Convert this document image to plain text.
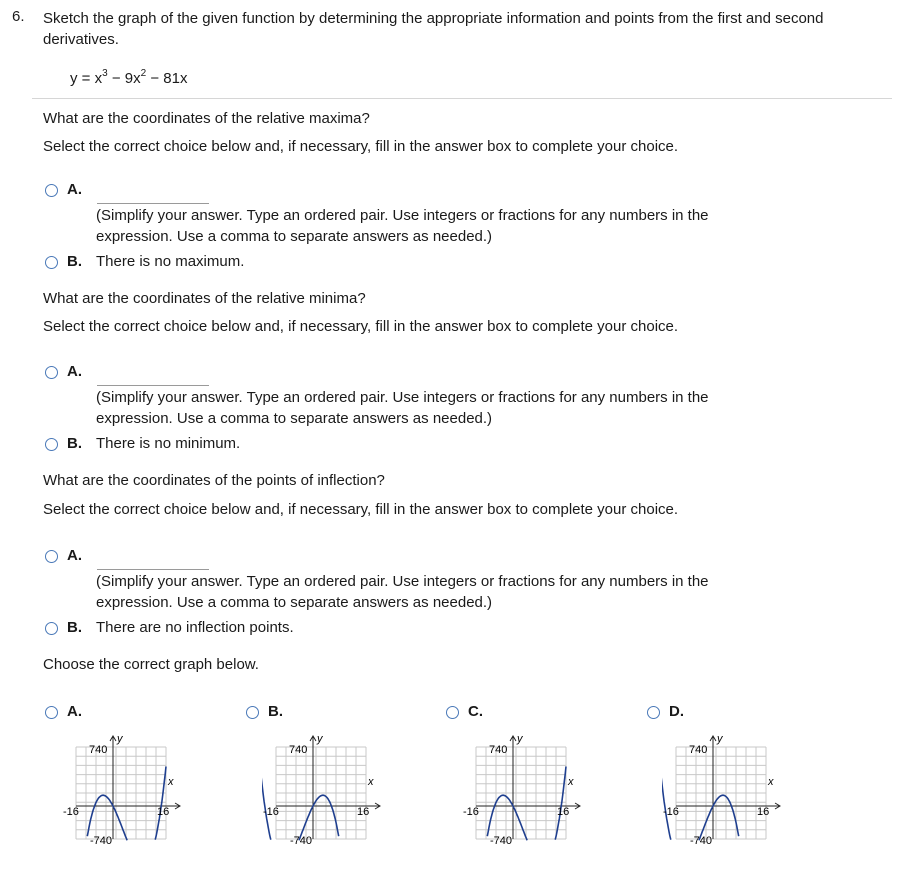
6. Sketch the graph of the given function by determining the appropriate information and points from the first and second derivatives.
$y = x^3 - 9x^2 - 81x$
What are the coordinates of the relative maxima?
Select the correct choice below and, if necessary, fill in the answer box to complete your choice.
A.
(Simplify your answer. Type an ordered pair. Use integers or fractions for any numbers in the expression. Use a comma to separate answers as needed.)
B. There is no maximum.
What are the coordinates of the relative minima?
Select the correct choice below and, if necessary, fill in the answer box to complete your choice.
A.
(Simplify your answer. Type an ordered pair. Use integers or fractions for any numbers in the expression. Use a comma to separate answers as needed.)
B. There is no minimum.
What are the coordinates of the points of inflection?
Select the correct choice below and, if necessary, fill in the answer box to complete your choice.
A.
(Simplify your answer. Type an ordered pair. Use integers or fractions for any numbers in the expression. Use a comma to separate answers as needed.)
B. There are no inflection points.
Choose the correct graph below.
A.	B.	C.	D.
740
-740
-16	16
y
x
740
-740
-16	16
y
x
740
-740
-16	16
y
x
740
-740
-16	16
y
x
